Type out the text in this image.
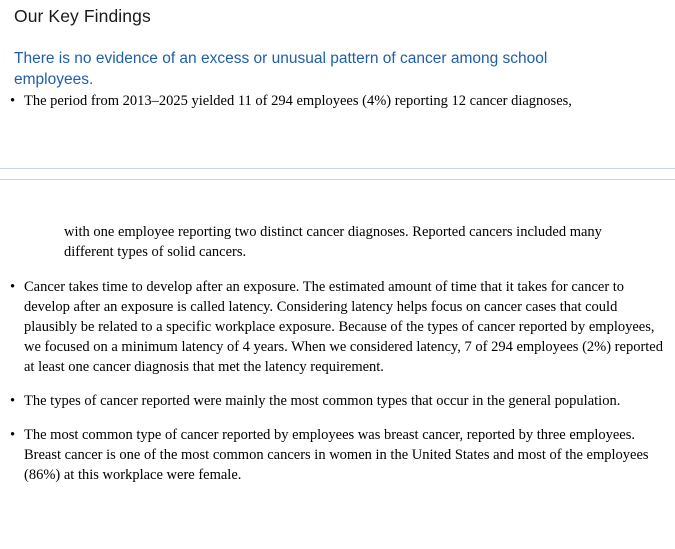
Our Key Findings
There is no evidence of an excess or unusual pattern of cancer among school employees.
• The period from 2013–2025 yielded 11 of 294 employees (4%) reporting 12 cancer diagnoses,

with one employee reporting two distinct cancer diagnoses. Reported cancers included many different types of solid cancers.

• Cancer takes time to develop after an exposure. The estimated amount of time that it takes for cancer to develop after an exposure is called latency. Considering latency helps focus on cancer cases that could plausibly be related to a specific workplace exposure. Because of the types of cancer reported by employees, we focused on a minimum latency of 4 years. When we considered latency, 7 of 294 employees (2%) reported at least one cancer diagnosis that met the latency requirement.
• The types of cancer reported were mainly the most common types that occur in the general population.
• The most common type of cancer reported by employees was breast cancer, reported by three employees. Breast cancer is one of the most common cancers in women in the United States and most of the employees (86%) at this workplace were female.
